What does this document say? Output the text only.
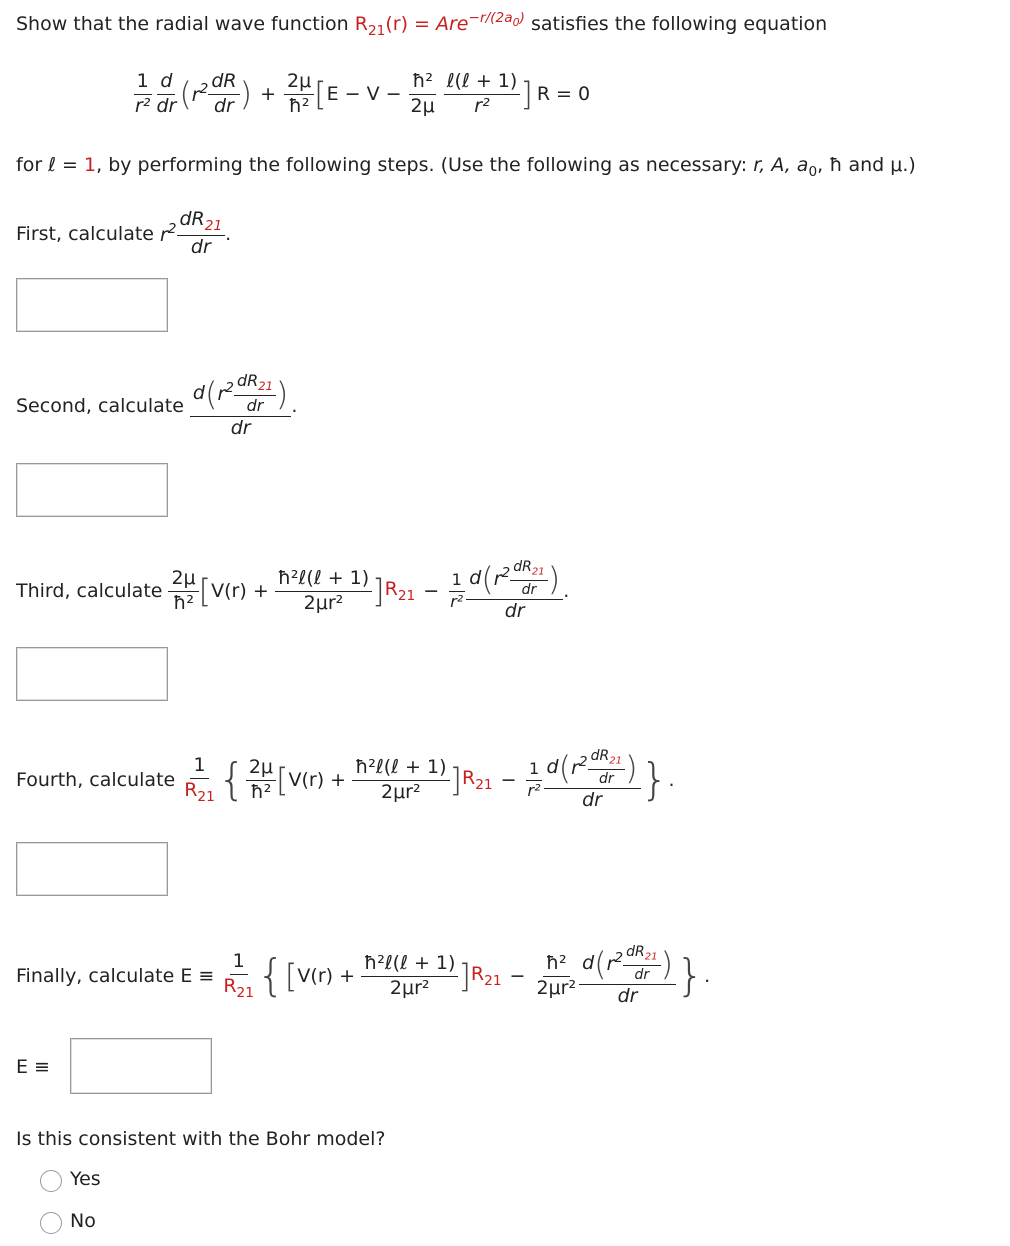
Show that the radial wave function $R_{21}(r) = Are^{-r/(2a_0)}$ satisfies the following equation
$\frac{1}{\text{r²}} \frac{d}{dr}$ ( $r^2 \frac{dR}{dr}$ ) + $\frac{2\mu}{\text{ħ²}}$ [ $E - V - \frac{\text{ħ²}}{2\mu} \frac{\text{ℓ(ℓ + 1)}}{\text{r²}}$ ] R = 0
for ℓ = 1, by performing the following steps. (Use the following as necessary: r, A, $a_0$, ħ and μ.)
First, calculate $r^2 \frac{dR_{21}}{dr}$ .
Second, calculate $\frac{d ( r^2 \frac{dR_{21}}{dr} )}{dr}$ .
Third, calculate $\frac{2\mu}{\text{ħ²}}$ [ $V(r) + \frac{\text{ħ²ℓ(ℓ + 1)}}{\text{2μr²}}$ ] $R_{21} - \frac{1}{\text{r²}} \frac{d ( r^2 \frac{dR_{21}}{dr} )}{dr}$ .
Fourth, calculate $\frac{1}{R_{21}}$ { $\frac{2\mu}{\text{ħ²}}$ [ $V(r) + \frac{\text{ħ²ℓ(ℓ + 1)}}{\text{2μr²}}$ ] $R_{21} - \frac{1}{\text{r²}} \frac{d ( r^2 \frac{dR_{21}}{dr} )}{dr}$ } .
Finally, calculate $E \equiv \frac{1}{R_{21}}$ { [ $V(r) + \frac{\text{ħ²ℓ(ℓ + 1)}}{\text{2μr²}}$ ] $R_{21} - \frac{\text{ħ²}}{\text{2μr²}} \frac{d ( r^2 \frac{dR_{21}}{dr} )}{dr}$ } .
E ≡
Is this consistent with the Bohr model?
Yes
No
